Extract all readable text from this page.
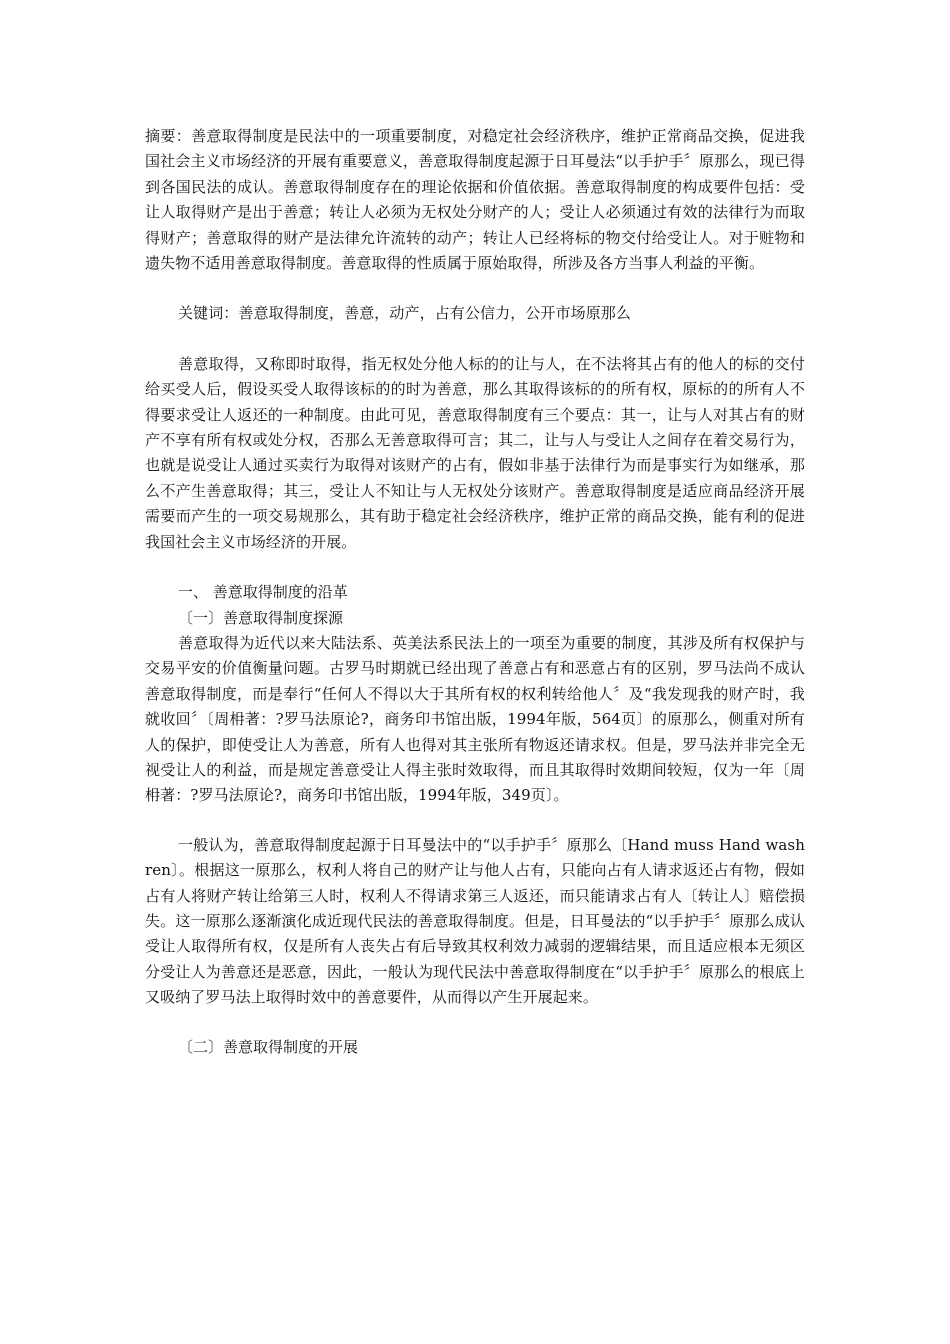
摘要：善意取得制度是民法中的一项重要制度，对稳定社会经济秩序，维护正常商品交换，促进我国社会主义市场经济的开展有重要意义，善意取得制度起源于日耳曼法“以手护手〞原那么，现已得到各国民法的成认。善意取得制度存在的理论依据和价值依据。善意取得制度的构成要件包括：受让人取得财产是出于善意；转让人必须为无权处分财产的人；受让人必须通过有效的法律行为而取得财产；善意取得的财产是法律允许流转的动产；转让人已经将标的物交付给受让人。对于赃物和遗失物不适用善意取得制度。善意取得的性质属于原始取得，所涉及各方当事人利益的平衡。

关键词：善意取得制度，善意，动产，占有公信力，公开市场原那么

善意取得，又称即时取得，指无权处分他人标的的让与人，在不法将其占有的他人的标的交付给买受人后，假设买受人取得该标的的时为善意，那么其取得该标的的所有权，原标的的所有人不得要求受让人返还的一种制度。由此可见，善意取得制度有三个要点：其一，让与人对其占有的财产不享有所有权或处分权，否那么无善意取得可言；其二，让与人与受让人之间存在着交易行为，也就是说受让人通过买卖行为取得对该财产的占有，假如非基于法律行为而是事实行为如继承，那么不产生善意取得；其三，受让人不知让与人无权处分该财产。善意取得制度是适应商品经济开展需要而产生的一项交易规那么，其有助于稳定社会经济秩序，维护正常的商品交换，能有利的促进我国社会主义市场经济的开展。

一、 善意取得制度的沿革

〔一〕善意取得制度探源

善意取得为近代以来大陆法系、英美法系民法上的一项至为重要的制度，其涉及所有权保护与交易平安的价值衡量问题。古罗马时期就已经出现了善意占有和恶意占有的区别，罗马法尚不成认善意取得制度，而是奉行“任何人不得以大于其所有权的权利转给他人〞及“我发现我的财产时，我就收回〞〔周枏著：?罗马法原论?，商务印书馆出版，1994年版，564页〕的原那么，侧重对所有人的保护，即使受让人为善意，所有人也得对其主张所有物返还请求权。但是，罗马法并非完全无视受让人的利益，而是规定善意受让人得主张时效取得，而且其取得时效期间较短，仅为一年〔周枏著：?罗马法原论?，商务印书馆出版，1994年版，349页〕。

一般认为，善意取得制度起源于日耳曼法中的“以手护手〞原那么〔Hand muss Hand washren〕。根据这一原那么，权利人将自己的财产让与他人占有，只能向占有人请求返还占有物，假如占有人将财产转让给第三人时，权利人不得请求第三人返还，而只能请求占有人〔转让人〕赔偿损失。这一原那么逐渐演化成近现代民法的善意取得制度。但是，日耳曼法的“以手护手〞原那么成认受让人取得所有权，仅是所有人丧失占有后导致其权利效力减弱的逻辑结果，而且适应根本无须区分受让人为善意还是恶意，因此，一般认为现代民法中善意取得制度在“以手护手〞原那么的根底上又吸纳了罗马法上取得时效中的善意要件，从而得以产生开展起来。

〔二〕善意取得制度的开展
